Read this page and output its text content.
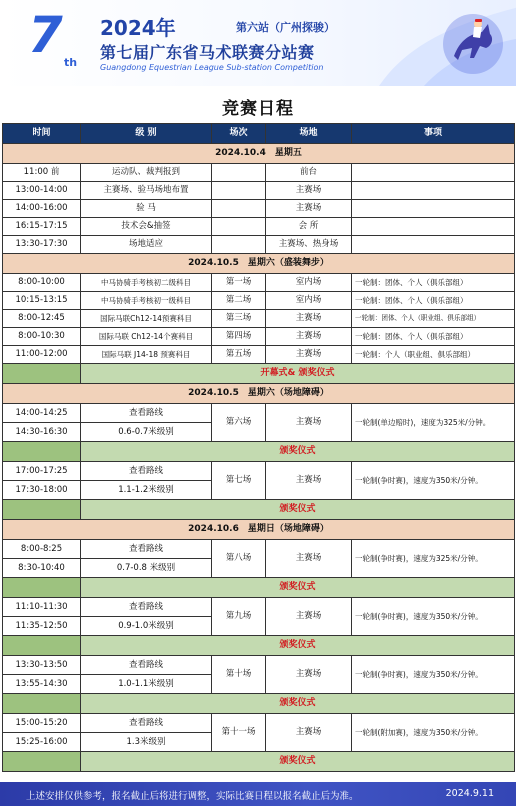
7 th
2024年	第六站（广州探骏）
第七届广东省马术联赛分站赛
Guangdong Equestrian League Sub-station Competition
竞赛日程
时间	级 别	场次	场地	事项
2024.10.4　星期五				
11:00 前	运动队、裁判报到		前台	
13:00-14:00	主赛场、验马场地布置		主赛场	
14:00-16:00	验 马		主赛场	
16:15-17:15	技术会&抽签		会 所	
13:30-17:30	场地适应		主赛场、热身场	
2024.10.5　星期六（盛装舞步）				
8:00-10:00	中马协骑手考核初二级科目	第一场	室内场	一轮制：团体、个人（俱乐部组）
10:15-13:15	中马协骑手考核初一级科目	第二场	室内场	一轮制：团体、个人（俱乐部组）
8:00-12:45	国际马联Ch12-14预赛科目	第三场	主赛场	一轮制：团体、个人（职业组、俱乐部组）
8:00-10:30	国际马联 Ch12-14个赛科目	第四场	主赛场	一轮制：团体、个人（俱乐部组）
11:00-12:00	国际马联 J14-18 预赛科目	第五场	主赛场	一轮制：个人（职业组、俱乐部组）
	开幕式& 颁奖仪式			
2024.10.5　星期六（场地障碍）				
14:00-14:25	查看路线	第六场	主赛场	一轮制(单边赔时)，速度为325米/分钟。
14:30-16:30	0.6-0.7米级别			
	颁奖仪式			
17:00-17:25	查看路线	第七场	主赛场	一轮制(争时赛)，速度为350米/分钟。
17:30-18:00	1.1-1.2米级别			
	颁奖仪式			
2024.10.6　星期日（场地障碍）				
8:00-8:25	查看路线	第八场	主赛场	一轮制(争时赛)，速度为325米/分钟。
8:30-10:40	0.7-0.8 米级别			
	颁奖仪式			
11:10-11:30	查看路线	第九场	主赛场	一轮制(争时赛)，速度为350米/分钟。
11:35-12:50	0.9-1.0米级别			
	颁奖仪式			
13:30-13:50	查看路线	第十场	主赛场	一轮制(争时赛)，速度为350米/分钟。
13:55-14:30	1.0-1.1米级别			
	颁奖仪式			
15:00-15:20	查看路线	第十一场	主赛场	一轮制(附加赛)，速度为350米/分钟。
15:25-16:00	1.3米级别			
	颁奖仪式			
上述安排仅供参考，报名截止后将进行调整，实际比赛日程以报名截止后为准。	2024.9.11
